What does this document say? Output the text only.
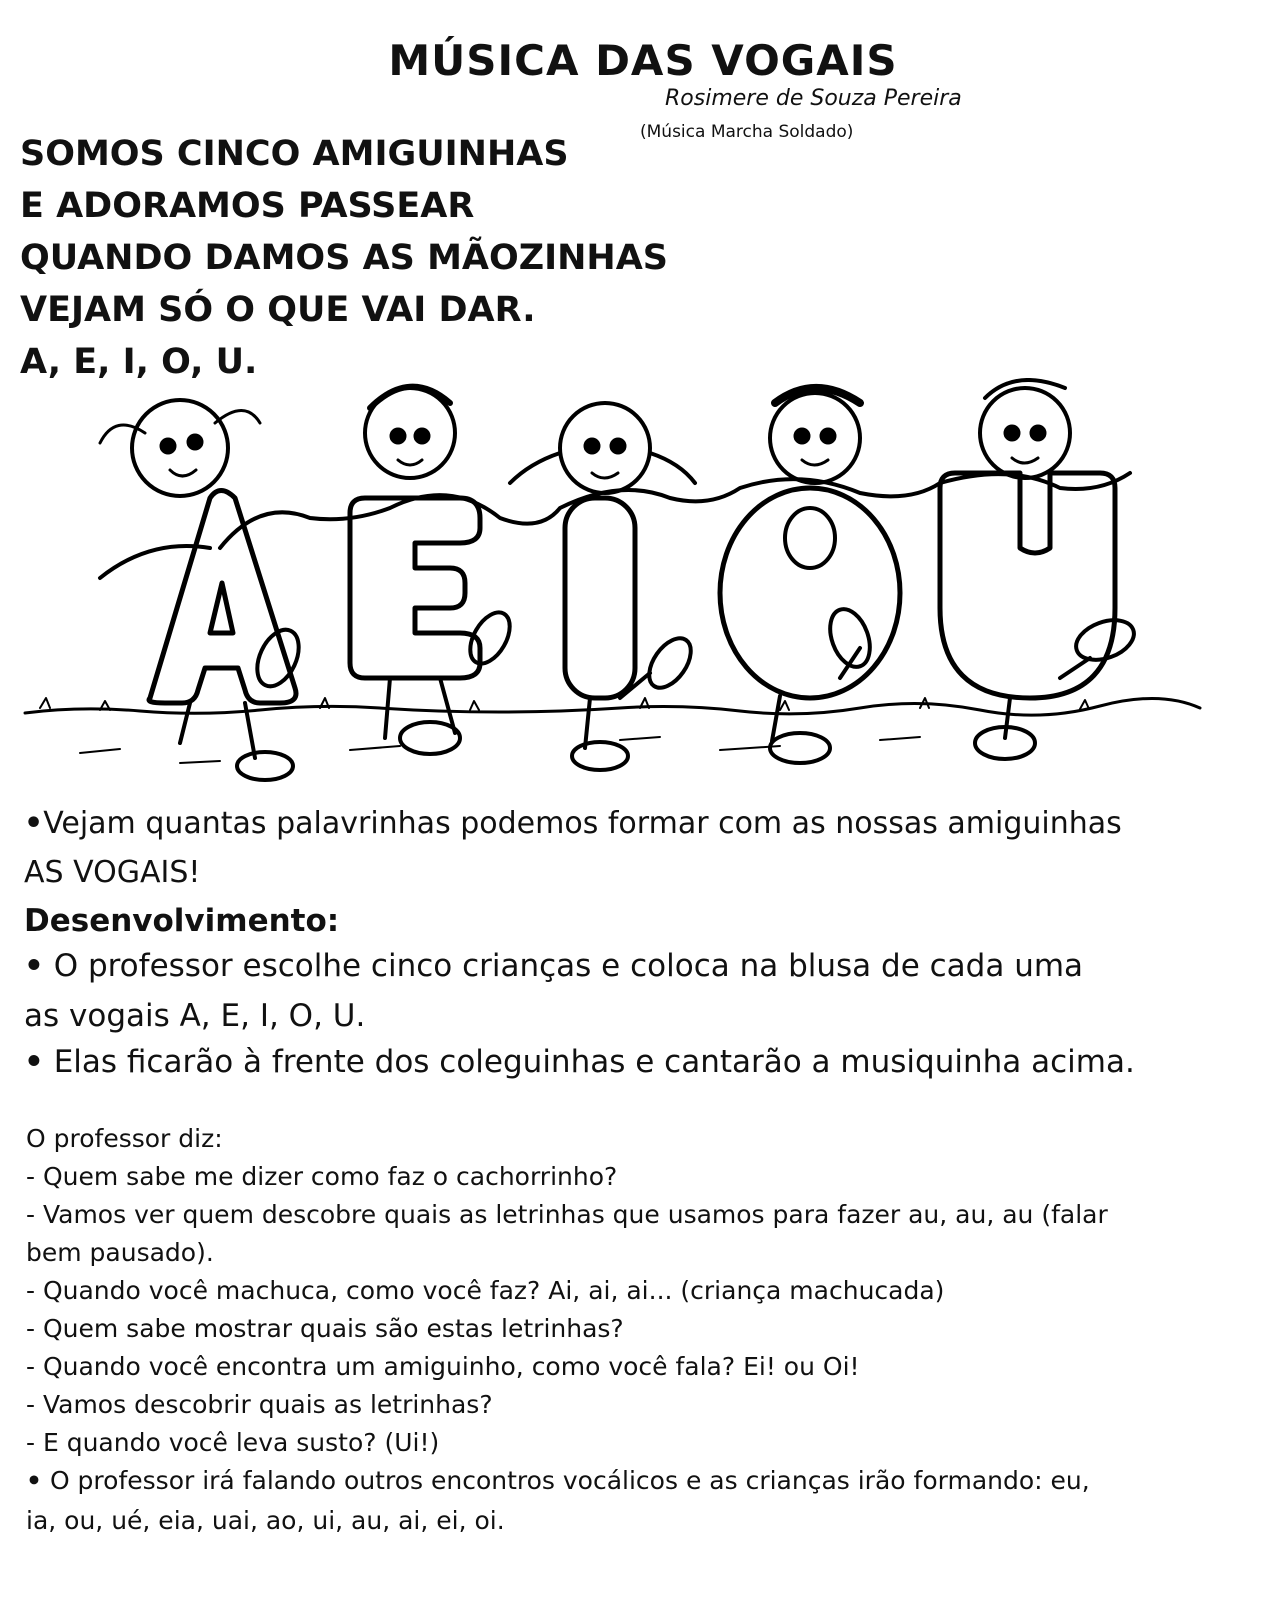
MÚSICA DAS VOGAIS
Rosimere de Souza Pereira
(Música Marcha Soldado)
SOMOS CINCO AMIGUINHAS
E ADORAMOS PASSEAR
QUANDO DAMOS AS MÃOZINHAS
VEJAM SÓ O QUE VAI DAR.
A, E, I, O, U.
•Vejam quantas palavrinhas podemos formar com as nossas amiguinhas
AS VOGAIS!
Desenvolvimento:
• O professor escolhe cinco crianças e coloca na blusa de cada uma
as vogais A, E, I, O, U.
• Elas ficarão à frente dos coleguinhas e cantarão a musiquinha acima.
O professor diz:
- Quem sabe me dizer como faz o cachorrinho?
- Vamos ver quem descobre quais as letrinhas que usamos para fazer au, au, au (falar
bem pausado).
- Quando você machuca, como você faz? Ai, ai, ai... (criança machucada)
- Quem sabe mostrar quais são estas letrinhas?
- Quando você encontra um amiguinho, como você fala? Ei! ou Oi!
- Vamos descobrir quais as letrinhas?
- E quando você leva susto? (Ui!)
• O professor irá falando outros encontros vocálicos e as crianças irão formando: eu,
ia, ou, ué, eia, uai, ao, ui, au, ai, ei, oi.
